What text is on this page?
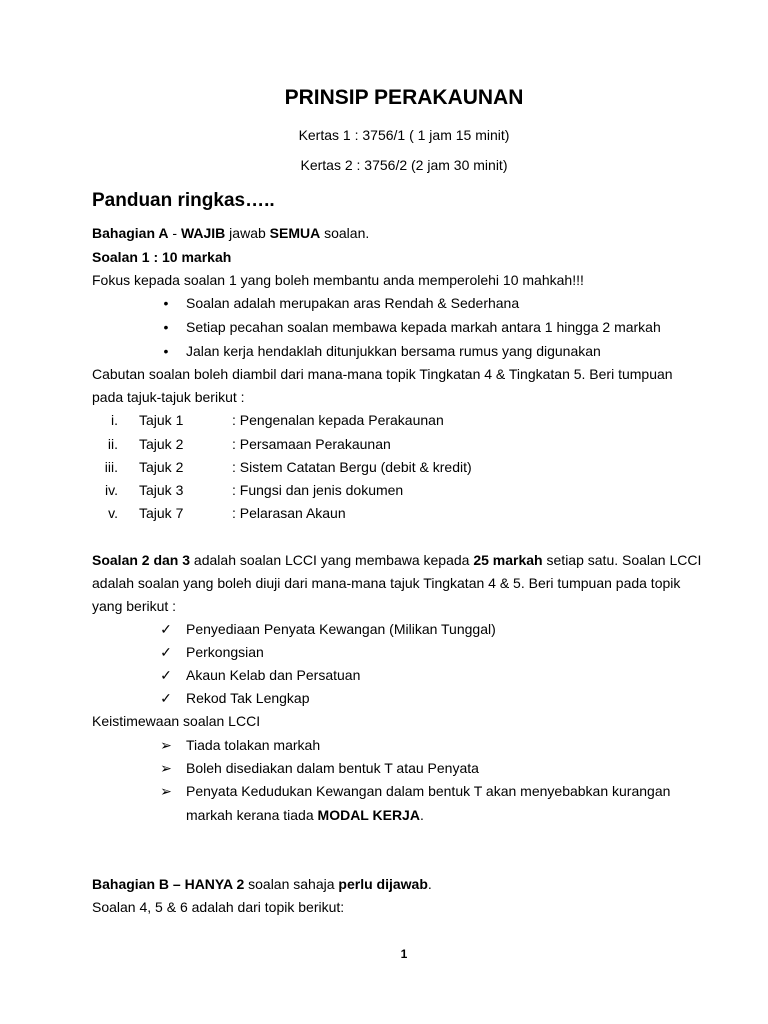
PRINSIP PERAKAUNAN
Kertas 1 : 3756/1 ( 1 jam 15 minit)
Kertas 2 : 3756/2 (2 jam 30 minit)
Panduan ringkas…..
Bahagian A - WAJIB jawab SEMUA soalan.
Soalan 1 : 10 markah
Fokus kepada soalan 1 yang boleh membantu anda memperolehi 10 mahkah!!!
• Soalan adalah merupakan aras Rendah & Sederhana
• Setiap pecahan soalan membawa kepada markah antara 1 hingga 2 markah
• Jalan kerja hendaklah ditunjukkan bersama rumus yang digunakan
Cabutan soalan boleh diambil dari mana-mana topik Tingkatan 4 & Tingkatan 5. Beri tumpuan
pada tajuk-tajuk berikut :
i. Tajuk 1	: Pengenalan kepada Perakaunan
ii. Tajuk 2	: Persamaan Perakaunan
iii. Tajuk 2	: Sistem Catatan Bergu (debit & kredit)
iv. Tajuk 3	: Fungsi dan jenis dokumen
v. Tajuk 7	: Pelarasan Akaun
Soalan 2 dan 3 adalah soalan LCCI yang membawa kepada 25 markah setiap satu. Soalan LCCI
adalah soalan yang boleh diuji dari mana-mana tajuk Tingkatan 4 & 5. Beri tumpuan pada topik
yang berikut :
✓ Penyediaan Penyata Kewangan (Milikan Tunggal)
✓ Perkongsian
✓ Akaun Kelab dan Persatuan
✓ Rekod Tak Lengkap
Keistimewaan soalan LCCI
➢ Tiada tolakan markah
➢ Boleh disediakan dalam bentuk T atau Penyata
➢ Penyata Kedudukan Kewangan dalam bentuk T akan menyebabkan kurangan
markah kerana tiada MODAL KERJA.
Bahagian B – HANYA 2 soalan sahaja perlu dijawab.
Soalan 4, 5 & 6 adalah dari topik berikut:
1
